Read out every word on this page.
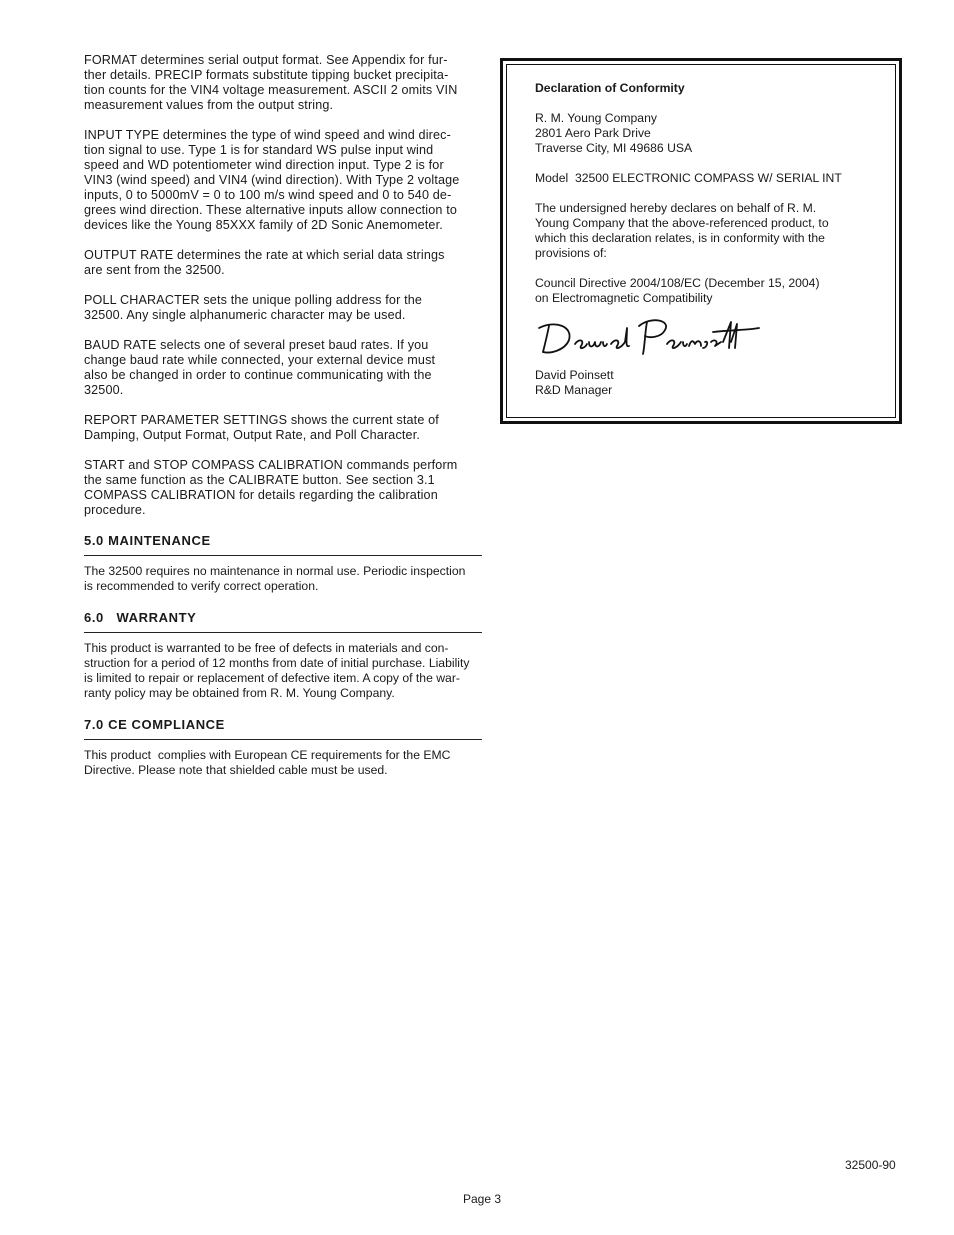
FORMAT determines serial output format. See Appendix for fur-
ther details. PRECIP formats substitute tipping bucket precipita-
tion counts for the VIN4 voltage measurement. ASCII 2 omits VIN
measurement values from the output string.
INPUT TYPE determines the type of wind speed and wind direc-
tion signal to use. Type 1 is for standard WS pulse input wind
speed and WD potentiometer wind direction input. Type 2 is for
VIN3 (wind speed) and VIN4 (wind direction). With Type 2 voltage
inputs, 0 to 5000mV = 0 to 100 m/s wind speed and 0 to 540 de-
grees wind direction. These alternative inputs allow connection to
devices like the Young 85XXX family of 2D Sonic Anemometer.
OUTPUT RATE determines the rate at which serial data strings
are sent from the 32500.
POLL CHARACTER sets the unique polling address for the
32500. Any single alphanumeric character may be used.
BAUD RATE selects one of several preset baud rates. If you
change baud rate while connected, your external device must
also be changed in order to continue communicating with the
32500.
REPORT PARAMETER SETTINGS shows the current state of
Damping, Output Format, Output Rate, and Poll Character.
START and STOP COMPASS CALIBRATION commands perform
the same function as the CALIBRATE button. See section 3.1
COMPASS CALIBRATION for details regarding the calibration
procedure.
5.0 MAINTENANCE
The 32500 requires no maintenance in normal use. Periodic inspection
is recommended to verify correct operation.
6.0   WARRANTY
This product is warranted to be free of defects in materials and con-
struction for a period of 12 months from date of initial purchase. Liability
is limited to repair or replacement of defective item. A copy of the war-
ranty policy may be obtained from R. M. Young Company.
7.0 CE COMPLIANCE
This product  complies with European CE requirements for the EMC
Directive. Please note that shielded cable must be used.
Declaration of Conformity
R. M. Young Company
2801 Aero Park Drive
Traverse City, MI 49686 USA
Model  32500 ELECTRONIC COMPASS W/ SERIAL INT
The undersigned hereby declares on behalf of R. M.
Young Company that the above-referenced product, to
which this declaration relates, is in conformity with the
provisions of:
Council Directive 2004/108/EC (December 15, 2004)
on Electromagnetic Compatibility
David Poinsett
R&D Manager
32500-90
Page 3
